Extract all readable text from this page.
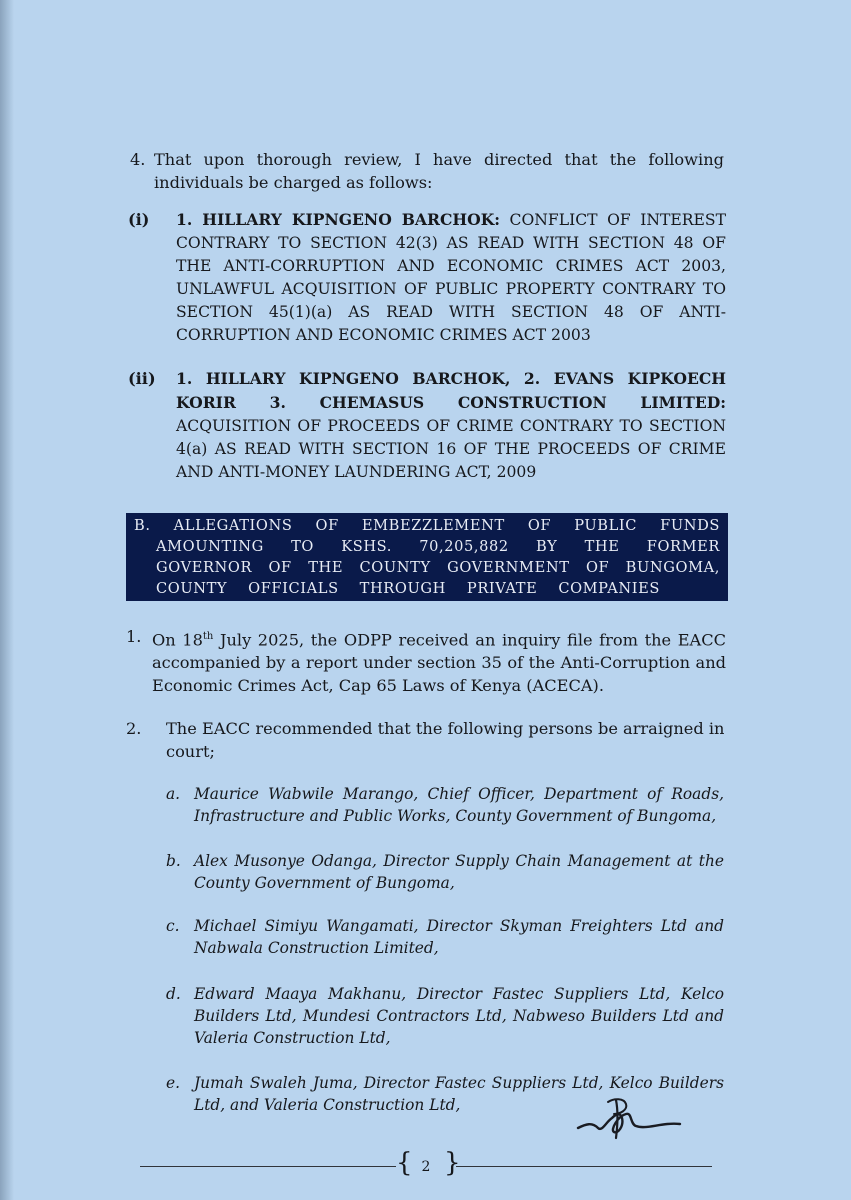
4. That upon thorough review, I have directed that the following individuals be charged as follows:
(i) 1. HILLARY KIPNGENO BARCHOK: CONFLICT OF INTEREST CONTRARY TO SECTION 42(3) AS READ WITH SECTION 48 OF THE ANTI-CORRUPTION AND ECONOMIC CRIMES ACT 2003, UNLAWFUL ACQUISITION OF PUBLIC PROPERTY CONTRARY TO SECTION 45(1)(a) AS READ WITH SECTION 48 OF ANTI-CORRUPTION AND ECONOMIC CRIMES ACT 2003
(ii) 1. HILLARY KIPNGENO BARCHOK, 2. EVANS KIPKOECH KORIR 3. CHEMASUS CONSTRUCTION LIMITED: ACQUISITION OF PROCEEDS OF CRIME CONTRARY TO SECTION 4(a) AS READ WITH SECTION 16 OF THE PROCEEDS OF CRIME AND ANTI-MONEY LAUNDERING ACT, 2009
B. ALLEGATIONS OF EMBEZZLEMENT OF PUBLIC FUNDS
AMOUNTING TO KSHS. 70,205,882 BY THE FORMER
GOVERNOR OF THE COUNTY GOVERNMENT OF BUNGOMA,
COUNTY OFFICIALS THROUGH PRIVATE COMPANIES
1. On 18th July 2025, the ODPP received an inquiry file from the EACC accompanied by a report under section 35 of the Anti-Corruption and Economic Crimes Act, Cap 65 Laws of Kenya (ACECA).
2. The EACC recommended that the following persons be arraigned in court;
a. Maurice Wabwile Marango, Chief Officer, Department of Roads, Infrastructure and Public Works, County Government of Bungoma,
b. Alex Musonye Odanga, Director Supply Chain Management at the County Government of Bungoma,
c. Michael Simiyu Wangamati, Director Skyman Freighters Ltd and Nabwala Construction Limited,
d. Edward Maaya Makhanu, Director Fastec Suppliers Ltd, Kelco Builders Ltd, Mundesi Contractors Ltd, Nabweso Builders Ltd and Valeria Construction Ltd,
e. Jumah Swaleh Juma, Director Fastec Suppliers Ltd, Kelco Builders Ltd, and Valeria Construction Ltd,
{ }
2
